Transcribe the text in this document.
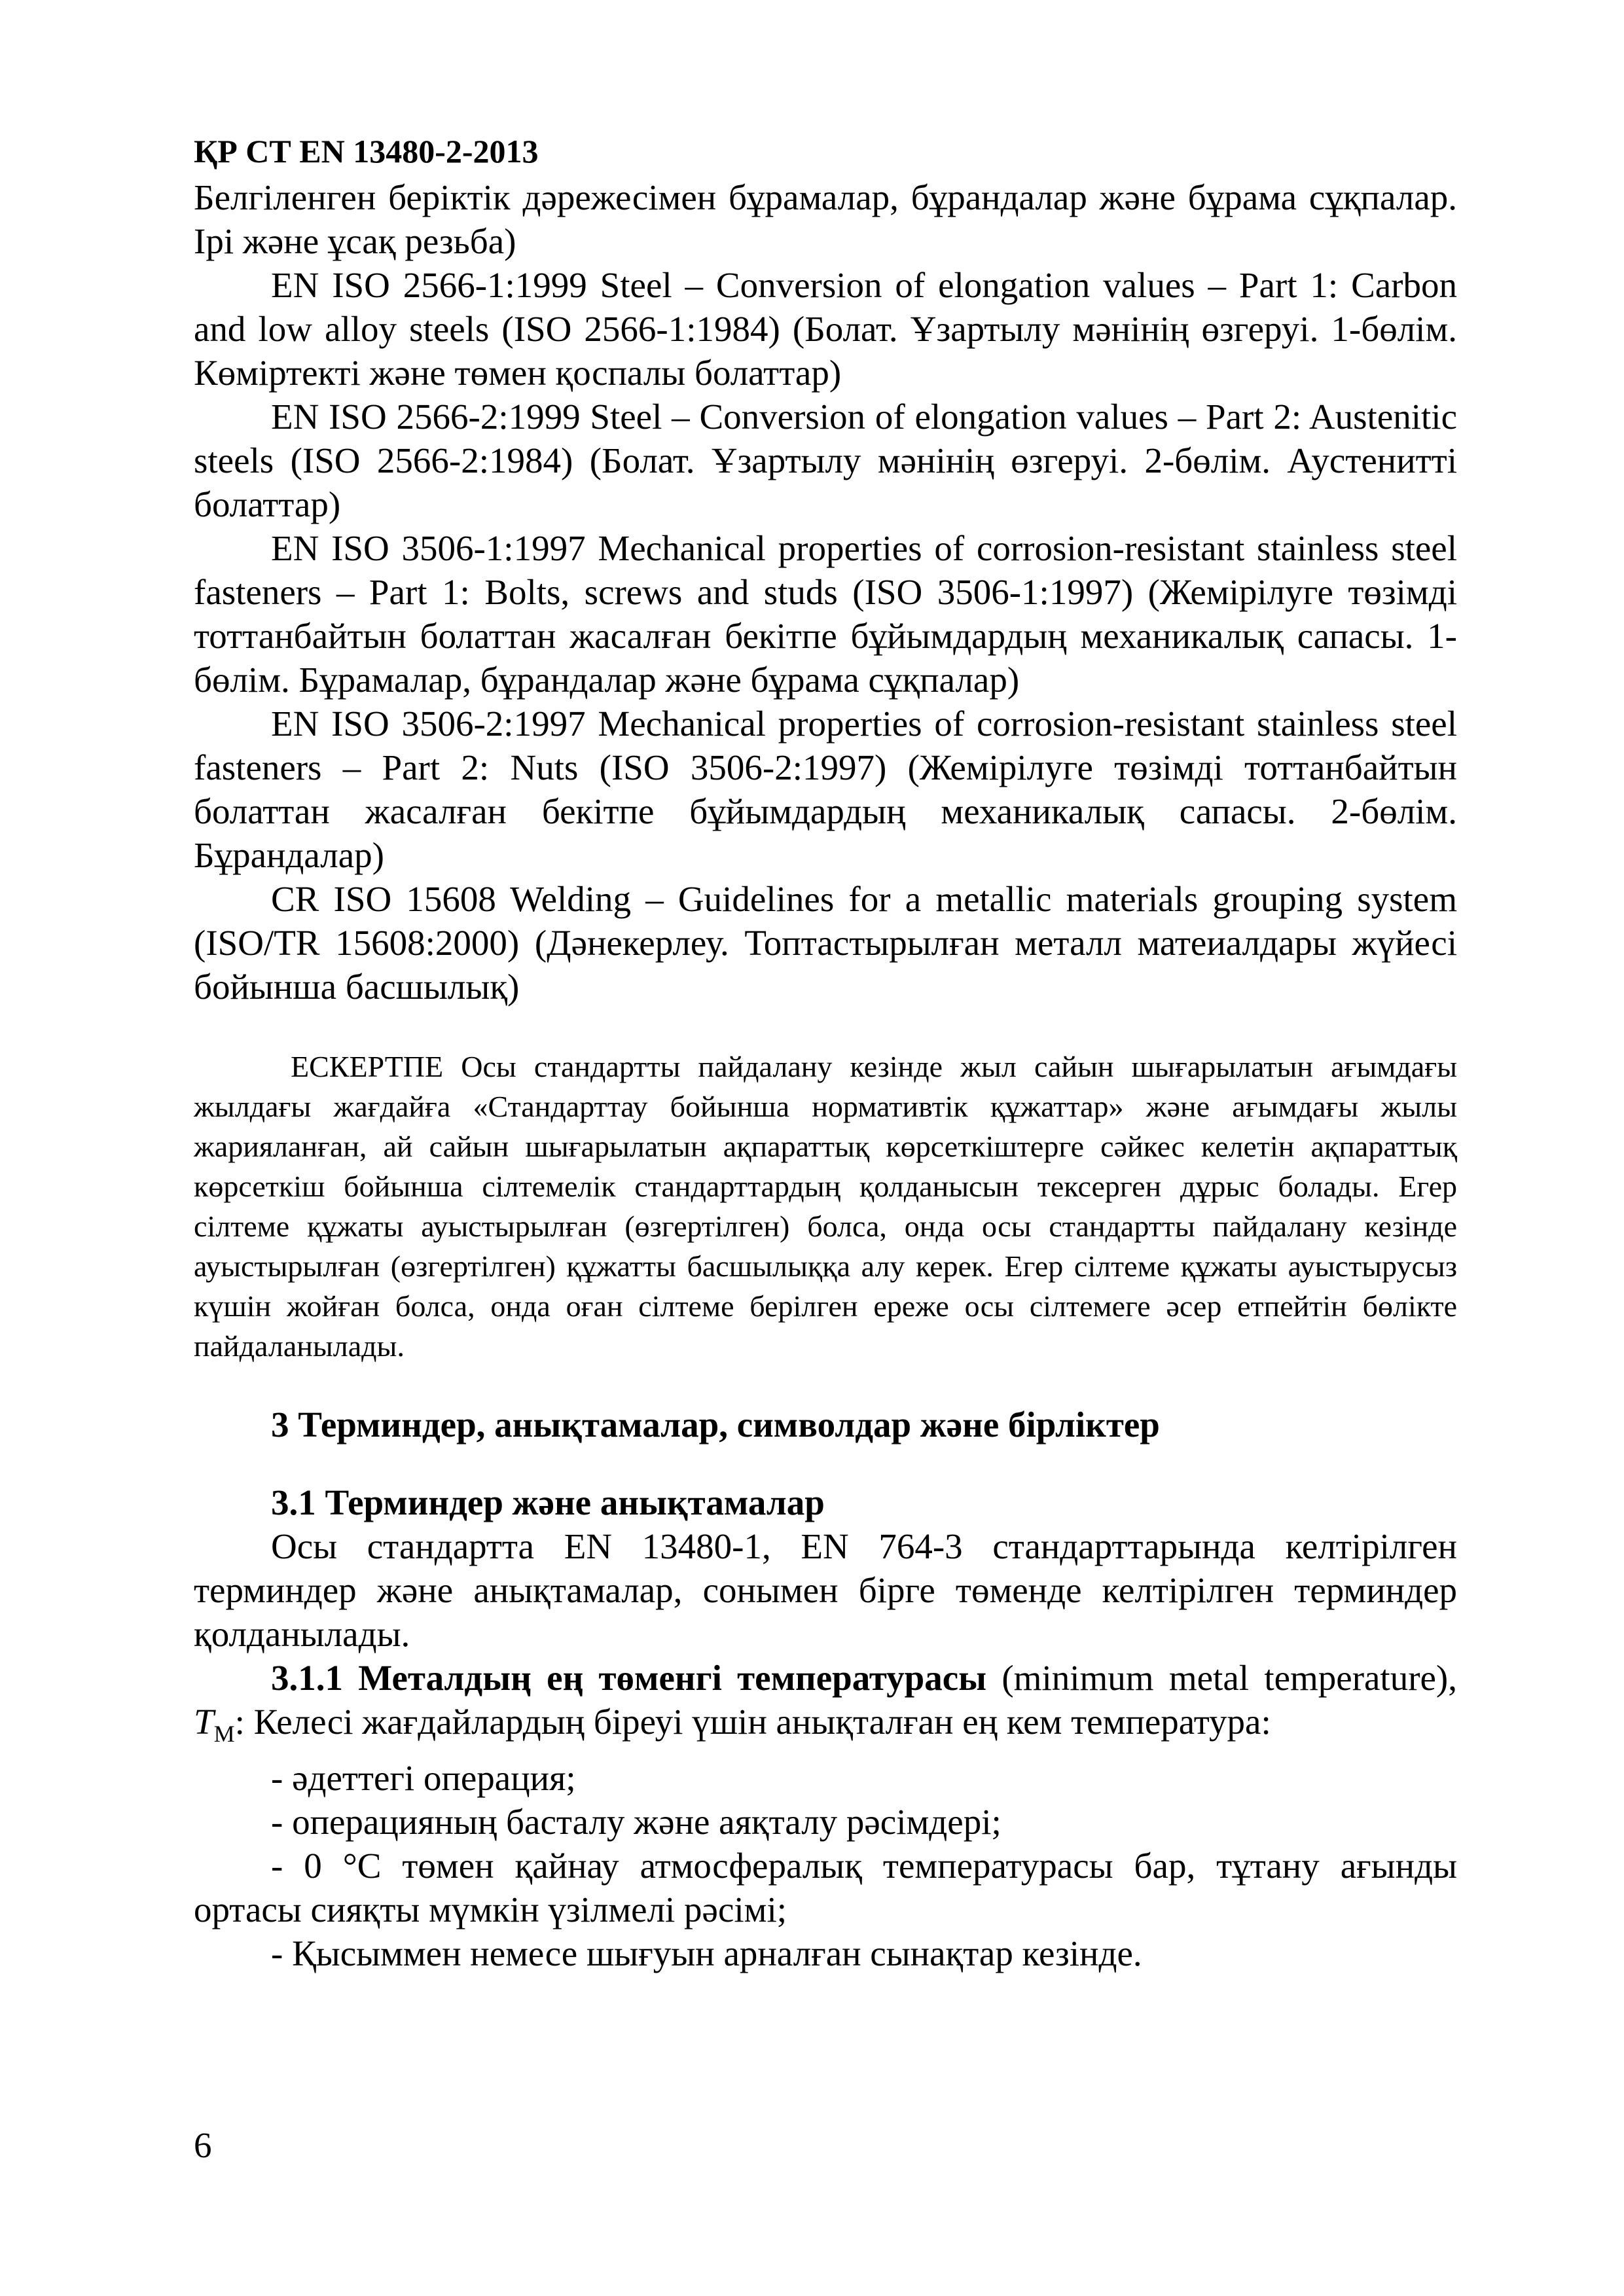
ҚР СТ EN 13480-2-2013

Белгіленген беріктік дәрежесімен бұрамалар, бұрандалар және бұрама сұқпалар. Ірі және ұсақ резьба)

EN ISO 2566-1:1999 Steel – Conversion of elongation values – Part 1: Carbon and low alloy steels (ISO 2566-1:1984) (Болат. Ұзартылу мәнінің өзгеруі. 1-бөлім. Көміртекті және төмен қоспалы болаттар)

EN ISO 2566-2:1999 Steel – Conversion of elongation values – Part 2: Austenitic steels (ISO 2566-2:1984) (Болат. Ұзартылу мәнінің өзгеруі. 2-бөлім. Аустенитті болаттар)

EN ISO 3506-1:1997 Mechanical properties of corrosion-resistant stainless steel fasteners – Part 1: Bolts, screws and studs (ISO 3506-1:1997) (Жемірілуге төзімді тоттанбайтын болаттан жасалған бекітпе бұйымдардың механикалық сапасы. 1-бөлім. Бұрамалар, бұрандалар және бұрама сұқпалар)

EN ISO 3506-2:1997 Mechanical properties of corrosion-resistant stainless steel fasteners – Part 2: Nuts (ISO 3506-2:1997) (Жемірілуге төзімді тоттанбайтын болаттан жасалған бекітпе бұйымдардың механикалық сапасы. 2-бөлім. Бұрандалар)

CR ISO 15608 Welding – Guidelines for a metallic materials grouping system (ISO/TR 15608:2000) (Дәнекерлеу. Топтастырылған металл матеиалдары жүйесі бойынша басшылық)

ЕСКЕРТПЕ Осы стандартты пайдалану кезінде жыл сайын шығарылатын ағымдағы жылдағы жағдайға «Стандарттау бойынша нормативтік құжаттар» және ағымдағы жылы жарияланған, ай сайын шығарылатын ақпараттық көрсеткіштерге сәйкес келетін ақпараттық көрсеткіш бойынша сілтемелік стандарттардың қолданысын тексерген дұрыс болады. Егер сілтеме құжаты ауыстырылған (өзгертілген) болса, онда осы стандартты пайдалану кезінде ауыстырылған (өзгертілген) құжатты басшылыққа алу керек. Егер сілтеме құжаты ауыстырусыз күшін жойған болса, онда оған сілтеме берілген ереже осы сілтемеге әсер етпейтін бөлікте пайдаланылады.

3 Терминдер, анықтамалар, символдар және бірліктер

3.1 Терминдер және анықтамалар

Осы стандартта EN 13480-1, EN 764-3 стандарттарында келтірілген терминдер және анықтамалар, сонымен бірге төменде келтірілген терминдер қолданылады.

3.1.1 Металдың ең төменгі температурасы (minimum metal temperature), $T_M$: Келесі жағдайлардың біреуі үшін анықталған ең кем температура:

- әдеттегі операция;

- операцияның басталу және аяқталу рәсімдері;

- 0 °С төмен қайнау атмосфералық температурасы бар, тұтану ағынды ортасы сияқты мүмкін үзілмелі рәсімі;

- Қысыммен немесе шығуын арналған сынақтар кезінде.

6
